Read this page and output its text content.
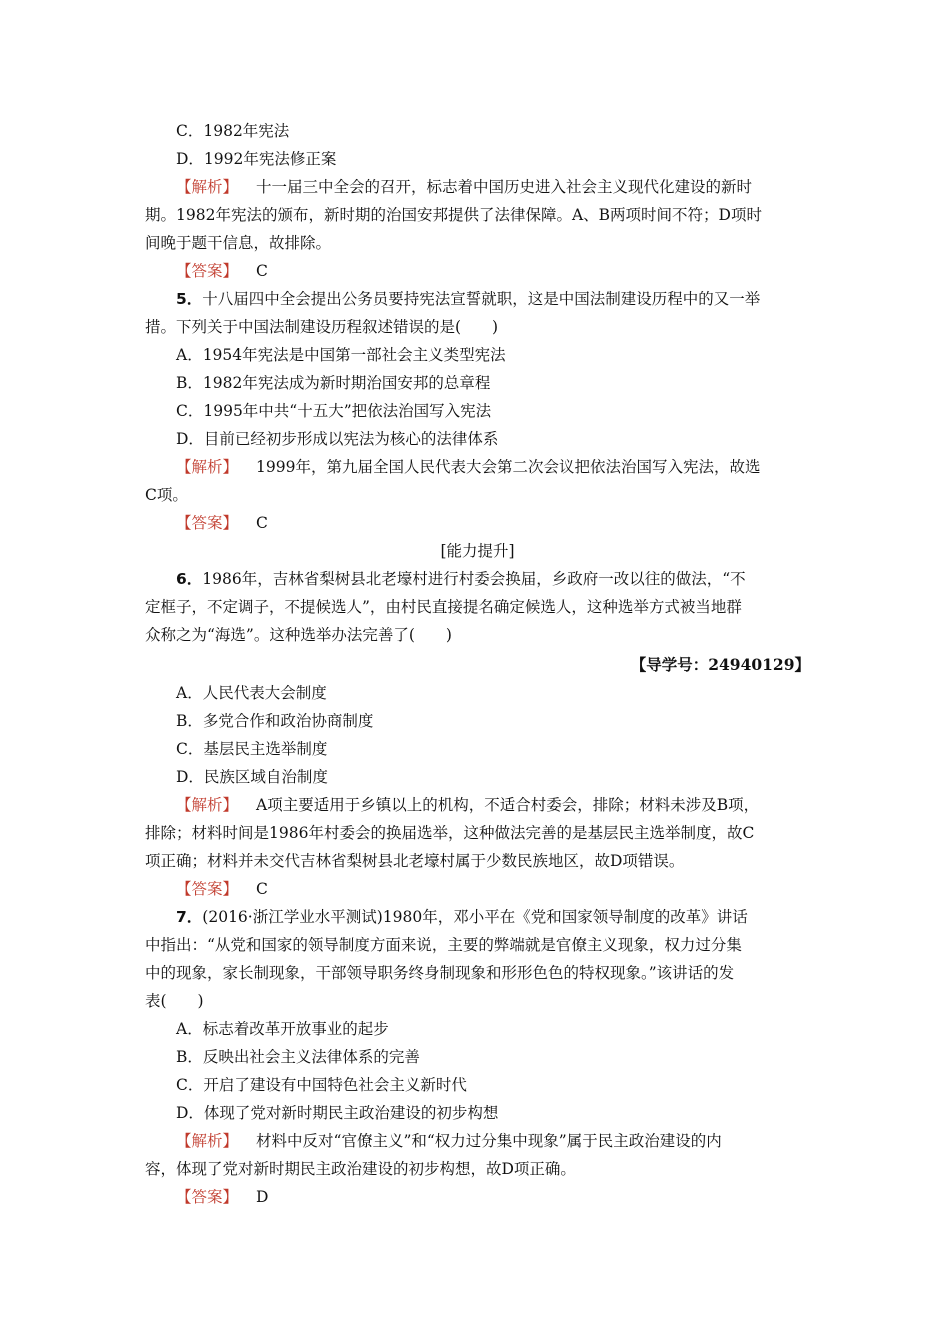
C．1982年宪法

D．1992年宪法修正案

【解析】 十一届三中全会的召开，标志着中国历史进入社会主义现代化建设的新时

期。1982年宪法的颁布，新时期的治国安邦提供了法律保障。A、B两项时间不符；D项时

间晚于题干信息，故排除。

【答案】 C

5．十八届四中全会提出公务员要持宪法宣誓就职，这是中国法制建设历程中的又一举

措。下列关于中国法制建设历程叙述错误的是(　　)

A．1954年宪法是中国第一部社会主义类型宪法

B．1982年宪法成为新时期治国安邦的总章程

C．1995年中共“十五大”把依法治国写入宪法

D．目前已经初步形成以宪法为核心的法律体系

【解析】 1999年，第九届全国人民代表大会第二次会议把依法治国写入宪法，故选

C项。

【答案】 C

[能力提升]

6．1986年，吉林省梨树县北老壕村进行村委会换届，乡政府一改以往的做法，“不

定框子，不定调子，不提候选人”，由村民直接提名确定候选人，这种选举方式被当地群

众称之为“海选”。这种选举办法完善了(　　)

【导学号：24940129】

A．人民代表大会制度

B．多党合作和政治协商制度

C．基层民主选举制度

D．民族区域自治制度

【解析】 A项主要适用于乡镇以上的机构，不适合村委会，排除；材料未涉及B项，

排除；材料时间是1986年村委会的换届选举，这种做法完善的是基层民主选举制度，故C

项正确；材料并未交代吉林省梨树县北老壕村属于少数民族地区，故D项错误。

【答案】 C

7．(2016·浙江学业水平测试)1980年，邓小平在《党和国家领导制度的改革》讲话

中指出：“从党和国家的领导制度方面来说，主要的弊端就是官僚主义现象，权力过分集

中的现象，家长制现象，干部领导职务终身制现象和形形色色的特权现象。”该讲话的发

表(　　)

A．标志着改革开放事业的起步

B．反映出社会主义法律体系的完善

C．开启了建设有中国特色社会主义新时代

D．体现了党对新时期民主政治建设的初步构想

【解析】 材料中反对“官僚主义”和“权力过分集中现象”属于民主政治建设的内

容，体现了党对新时期民主政治建设的初步构想，故D项正确。

【答案】 D
